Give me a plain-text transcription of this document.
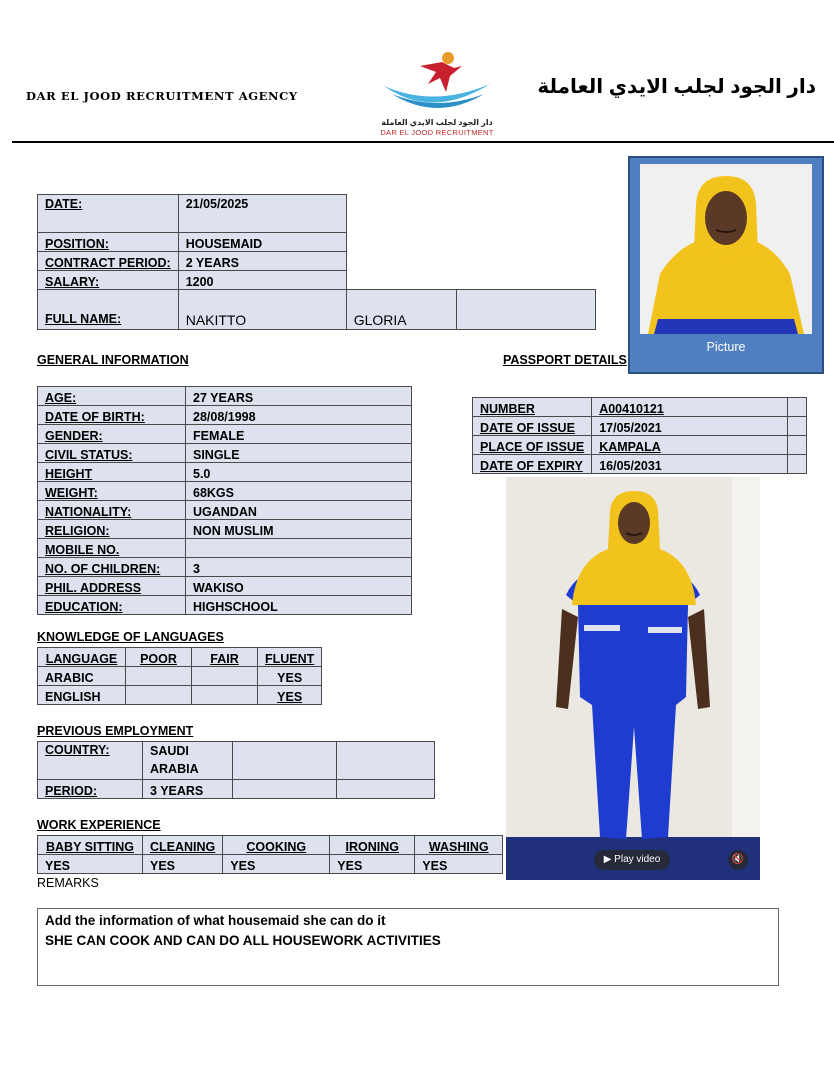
DAR EL JOOD RECRUITMENT AGENCY
دار الجود لجلب الايدي العاملة
DAR EL JOOD RECRUITMENT
دار الجود لجلب الايدي العاملة
DATE:	21/05/2025		
POSITION:	HOUSEMAID		
CONTRACT PERIOD:	2 YEARS		
SALARY:	1200		
FULL NAME:	NAKITTO	GLORIA	
Picture
GENERAL INFORMATION	PASSPORT DETAILS
AGE:	27 YEARS
DATE OF BIRTH:	28/08/1998
GENDER:	FEMALE
CIVIL STATUS:	SINGLE
HEIGHT	5.0
WEIGHT:	68KGS
NATIONALITY:	UGANDAN
RELIGION:	NON MUSLIM
MOBILE NO.	
NO. OF CHILDREN:	3
PHIL. ADDRESS	WAKISO
EDUCATION:	HIGHSCHOOL
NUMBER	A00410121	
DATE OF ISSUE	17/05/2021	
PLACE OF ISSUE	KAMPALA	
DATE OF EXPIRY	16/05/2031	
▶ Play video	🔇
KNOWLEDGE OF LANGUAGES
LANGUAGE	POOR	FAIR	FLUENT
ARABIC			YES
ENGLISH			YES
PREVIOUS EMPLOYMENT
COUNTRY:	SAUDI
ARABIA		

PERIOD:	3 YEARS		
WORK EXPERIENCE
BABY SITTING	CLEANING	COOKING	IRONING	WASHING
YES	YES	YES	YES	YES
REMARKS
Add the information of what housemaid she can do it
SHE CAN COOK AND CAN DO ALL HOUSEWORK ACTIVITIES
